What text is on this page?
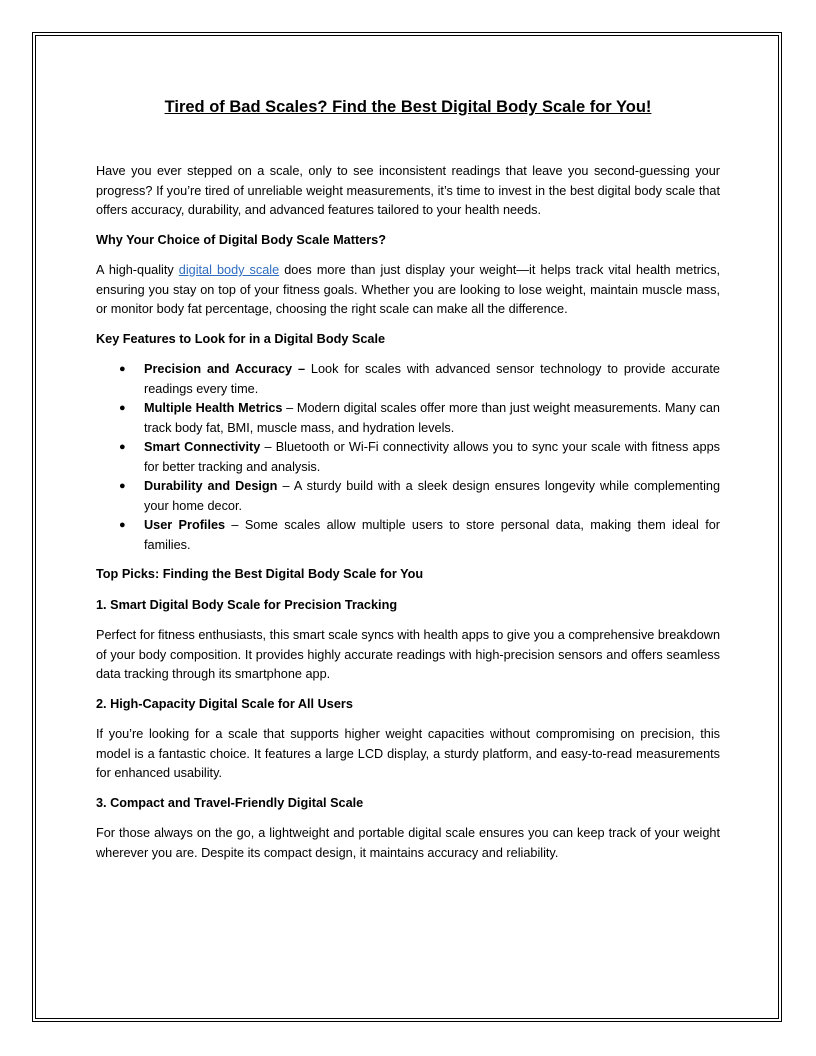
Tired of Bad Scales? Find the Best Digital Body Scale for You!

Have you ever stepped on a scale, only to see inconsistent readings that leave you second-guessing your progress? If you’re tired of unreliable weight measurements, it’s time to invest in the best digital body scale that offers accuracy, durability, and advanced features tailored to your health needs.

Why Your Choice of Digital Body Scale Matters?

A high-quality digital body scale does more than just display your weight—it helps track vital health metrics, ensuring you stay on top of your fitness goals. Whether you are looking to lose weight, maintain muscle mass, or monitor body fat percentage, choosing the right scale can make all the difference.

Key Features to Look for in a Digital Body Scale

● Precision and Accuracy – Look for scales with advanced sensor technology to provide accurate readings every time.
● Multiple Health Metrics – Modern digital scales offer more than just weight measurements. Many can track body fat, BMI, muscle mass, and hydration levels.
● Smart Connectivity – Bluetooth or Wi-Fi connectivity allows you to sync your scale with fitness apps for better tracking and analysis.
● Durability and Design – A sturdy build with a sleek design ensures longevity while complementing your home decor.
● User Profiles – Some scales allow multiple users to store personal data, making them ideal for families.

Top Picks: Finding the Best Digital Body Scale for You

1. Smart Digital Body Scale for Precision Tracking

Perfect for fitness enthusiasts, this smart scale syncs with health apps to give you a comprehensive breakdown of your body composition. It provides highly accurate readings with high-precision sensors and offers seamless data tracking through its smartphone app.

2. High-Capacity Digital Scale for All Users

If you’re looking for a scale that supports higher weight capacities without compromising on precision, this model is a fantastic choice. It features a large LCD display, a sturdy platform, and easy-to-read measurements for enhanced usability.

3. Compact and Travel-Friendly Digital Scale

For those always on the go, a lightweight and portable digital scale ensures you can keep track of your weight wherever you are. Despite its compact design, it maintains accuracy and reliability.
